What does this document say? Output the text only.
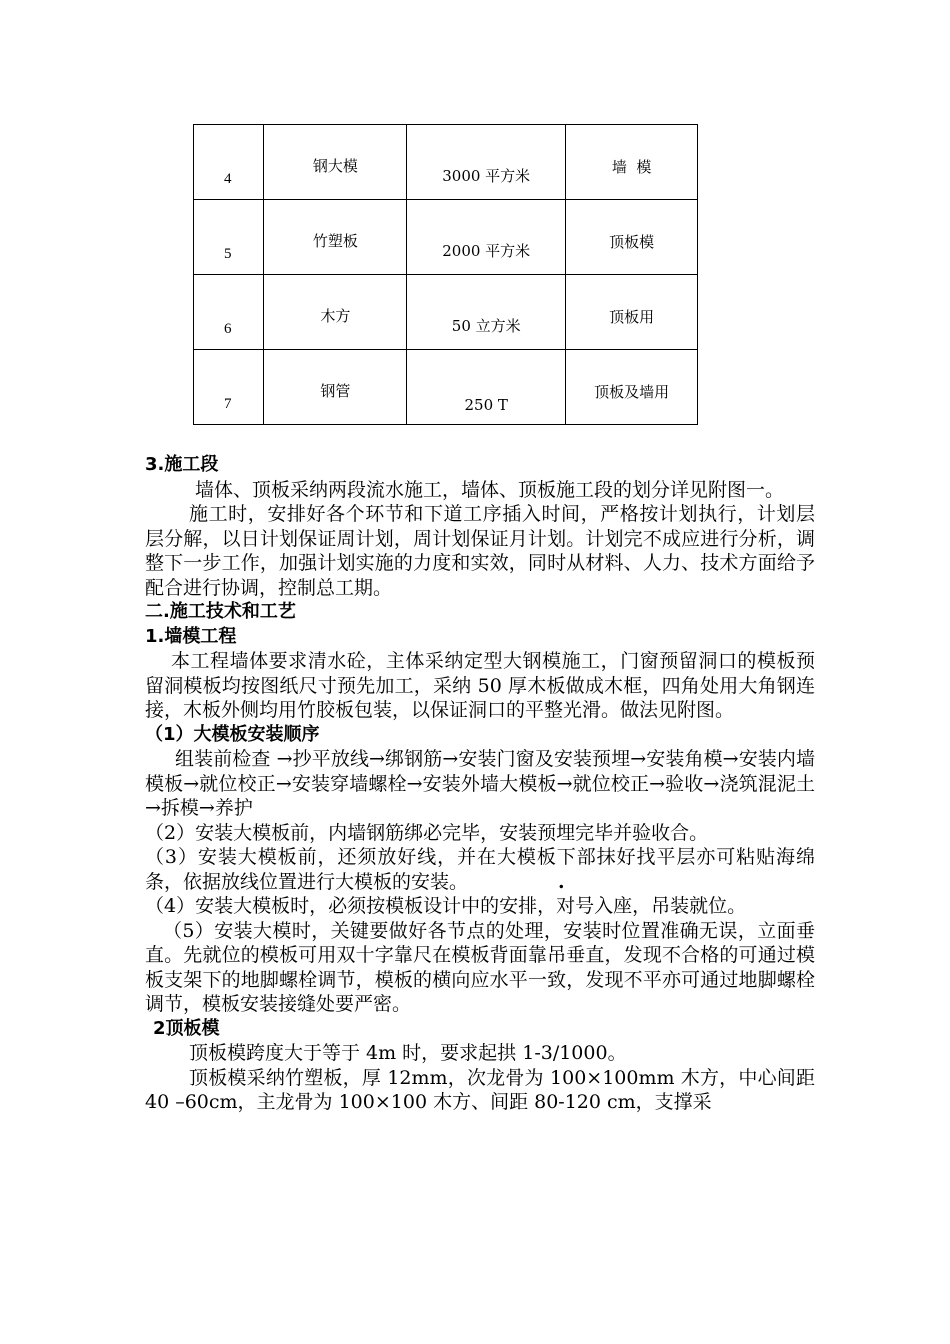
4	钢大模	3000 平方米	墙  模

5	竹塑板	2000 平方米	顶板模

6	木方	50 立方米	顶板用

7	钢管	250 T	顶板及墙用
3.施工段

墙体、顶板采纳两段流水施工，墙体、顶板施工段的划分详见附图一。

施工时，安排好各个环节和下道工序插入时间，严格按计划执行，计划层层分解，以日计划保证周计划，周计划保证月计划。计划完不成应进行分析，调整下一步工作，加强计划实施的力度和实效，同时从材料、人力、技术方面给予配合进行协调，控制总工期。

二.施工技术和工艺
1.墙模工程

本工程墙体要求清水砼，主体采纳定型大钢模施工，门窗预留洞口的模板预留洞模板均按图纸尺寸预先加工，采纳 50 厚木板做成木框，四角处用大角钢连接，木板外侧均用竹胶板包装，以保证洞口的平整光滑。做法见附图。

（1）大模板安装顺序

组装前检查 →抄平放线→绑钢筋→安装门窗及安装预埋→安装角模→安装内墙模板→就位校正→安装穿墙螺栓→安装外墙大模板→就位校正→验收→浇筑混泥土→拆模→养护

（2）安装大模板前，内墙钢筋绑必完毕，安装预埋完毕并验收合。

（3）安装大模板前，还须放好线，并在大模板下部抹好找平层亦可粘贴海绵条，依据放线位置进行大模板的安装。	.

（4）安装大模板时，必须按模板设计中的安排，对号入座，吊装就位。

（5）安装大模时，关键要做好各节点的处理，安装时位置准确无误，立面垂直。先就位的模板可用双十字靠尺在模板背面靠吊垂直，发现不合格的可通过模板支架下的地脚螺栓调节，模板的横向应水平一致，发现不平亦可通过地脚螺栓调节，模板安装接缝处要严密。

2顶板模

顶板模跨度大于等于 4m 时，要求起拱 1-3/1000。

顶板模采纳竹塑板，厚 12mm，次龙骨为 100×100mm 木方，中心间距 40 –60cm，主龙骨为 100×100 木方、间距 80-120 cm，支撑采
